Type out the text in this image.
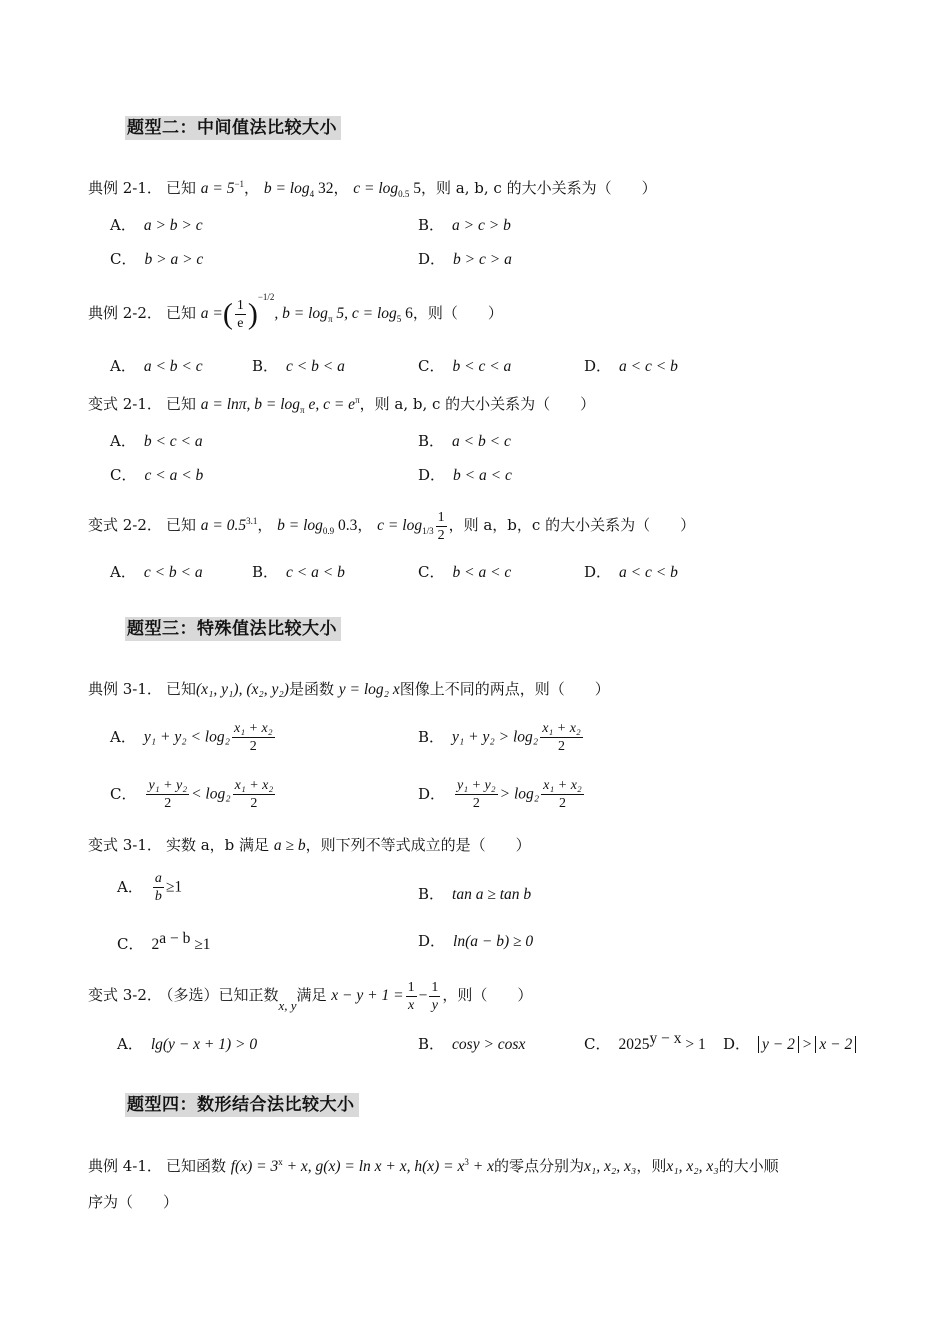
题型二：中间值法比较大小
典例 2-1． 已知 $a = 5^{-1}$， $b = \log_4 32$， $c = \log_{0.5} 5$，则 a, b, c 的大小关系为（　　）
A． a > b > c	B． a > c > b
C． b > a > c	D． b > c > a
典例 2-2． 已知 a =( $\frac{1}{e} )^{-1/2}$, $b = \log_\pi 5$, $c = \log_5 6$，则（　　）
A． a < b < c	B． c < b < a	C． b < c < a	D． a < c < b
变式 2-1． 已知 a = lnπ, $b = \log_\pi e$, $c = e^\pi$，则 a, b, c 的大小关系为（　　）
A． b < c < a	B． a < b < c
C． c < a < b	D． b < a < c
变式 2-2． 已知 $a = 0.5^{3.1}$， $b = \log_{0.9} 0.3$， $c = \log_{1/3} \frac{1}{2}$ ，则 a，b，c 的大小关系为（　　）
A． c < b < a	B． c < a < b	C． b < a < c	D． a < c < b
题型三：特殊值法比较大小
典例 3-1． 已知(x₁, y₁), (x₂, y₂)是函数 y = log₂ x图像上不同的两点，则（　　）
A． $y_1 + y_2 < \log_2 \frac{\text{x₁ + x₂}}{2}$	B． $y_1 + y_2 > \log_2 \frac{\text{x₁ + x₂}}{2}$
C． $\frac{\text{y₁ + y₂}}{2} < \log_2 \frac{\text{x₁ + x₂}}{2}$	D． $\frac{\text{y₁ + y₂}}{2} > \log_2 \frac{\text{x₁ + x₂}}{2}$
变式 3-1． 实数 a，b 满足 a ≥ b，则下列不等式成立的是（　　）
A． $\frac{a}{b} \ge 1$	B． tan a ≥ tan b
C． $2^{a - b} \ge 1$	D． ln(a − b) ≥ 0
变式 3-2． （多选）已知正数x, y满足 $x - y + 1 = \frac{1}{x} - \frac{1}{y}$ ，则（　　）
A． lg(y − x + 1) > 0	B． cosy > cosx	C． $2025^{y - x} > 1$ D． y − 2 > x − 2
题型四：数形结合法比较大小
典例 4-1． 已知函数 $f(x) = 3^x + x$, g(x) = ln x + x, $h(x) = x^3 + x$的零点分别为x₁, x₂, x₃，则x₁, x₂, x₃的大小顺
序为（　　）
